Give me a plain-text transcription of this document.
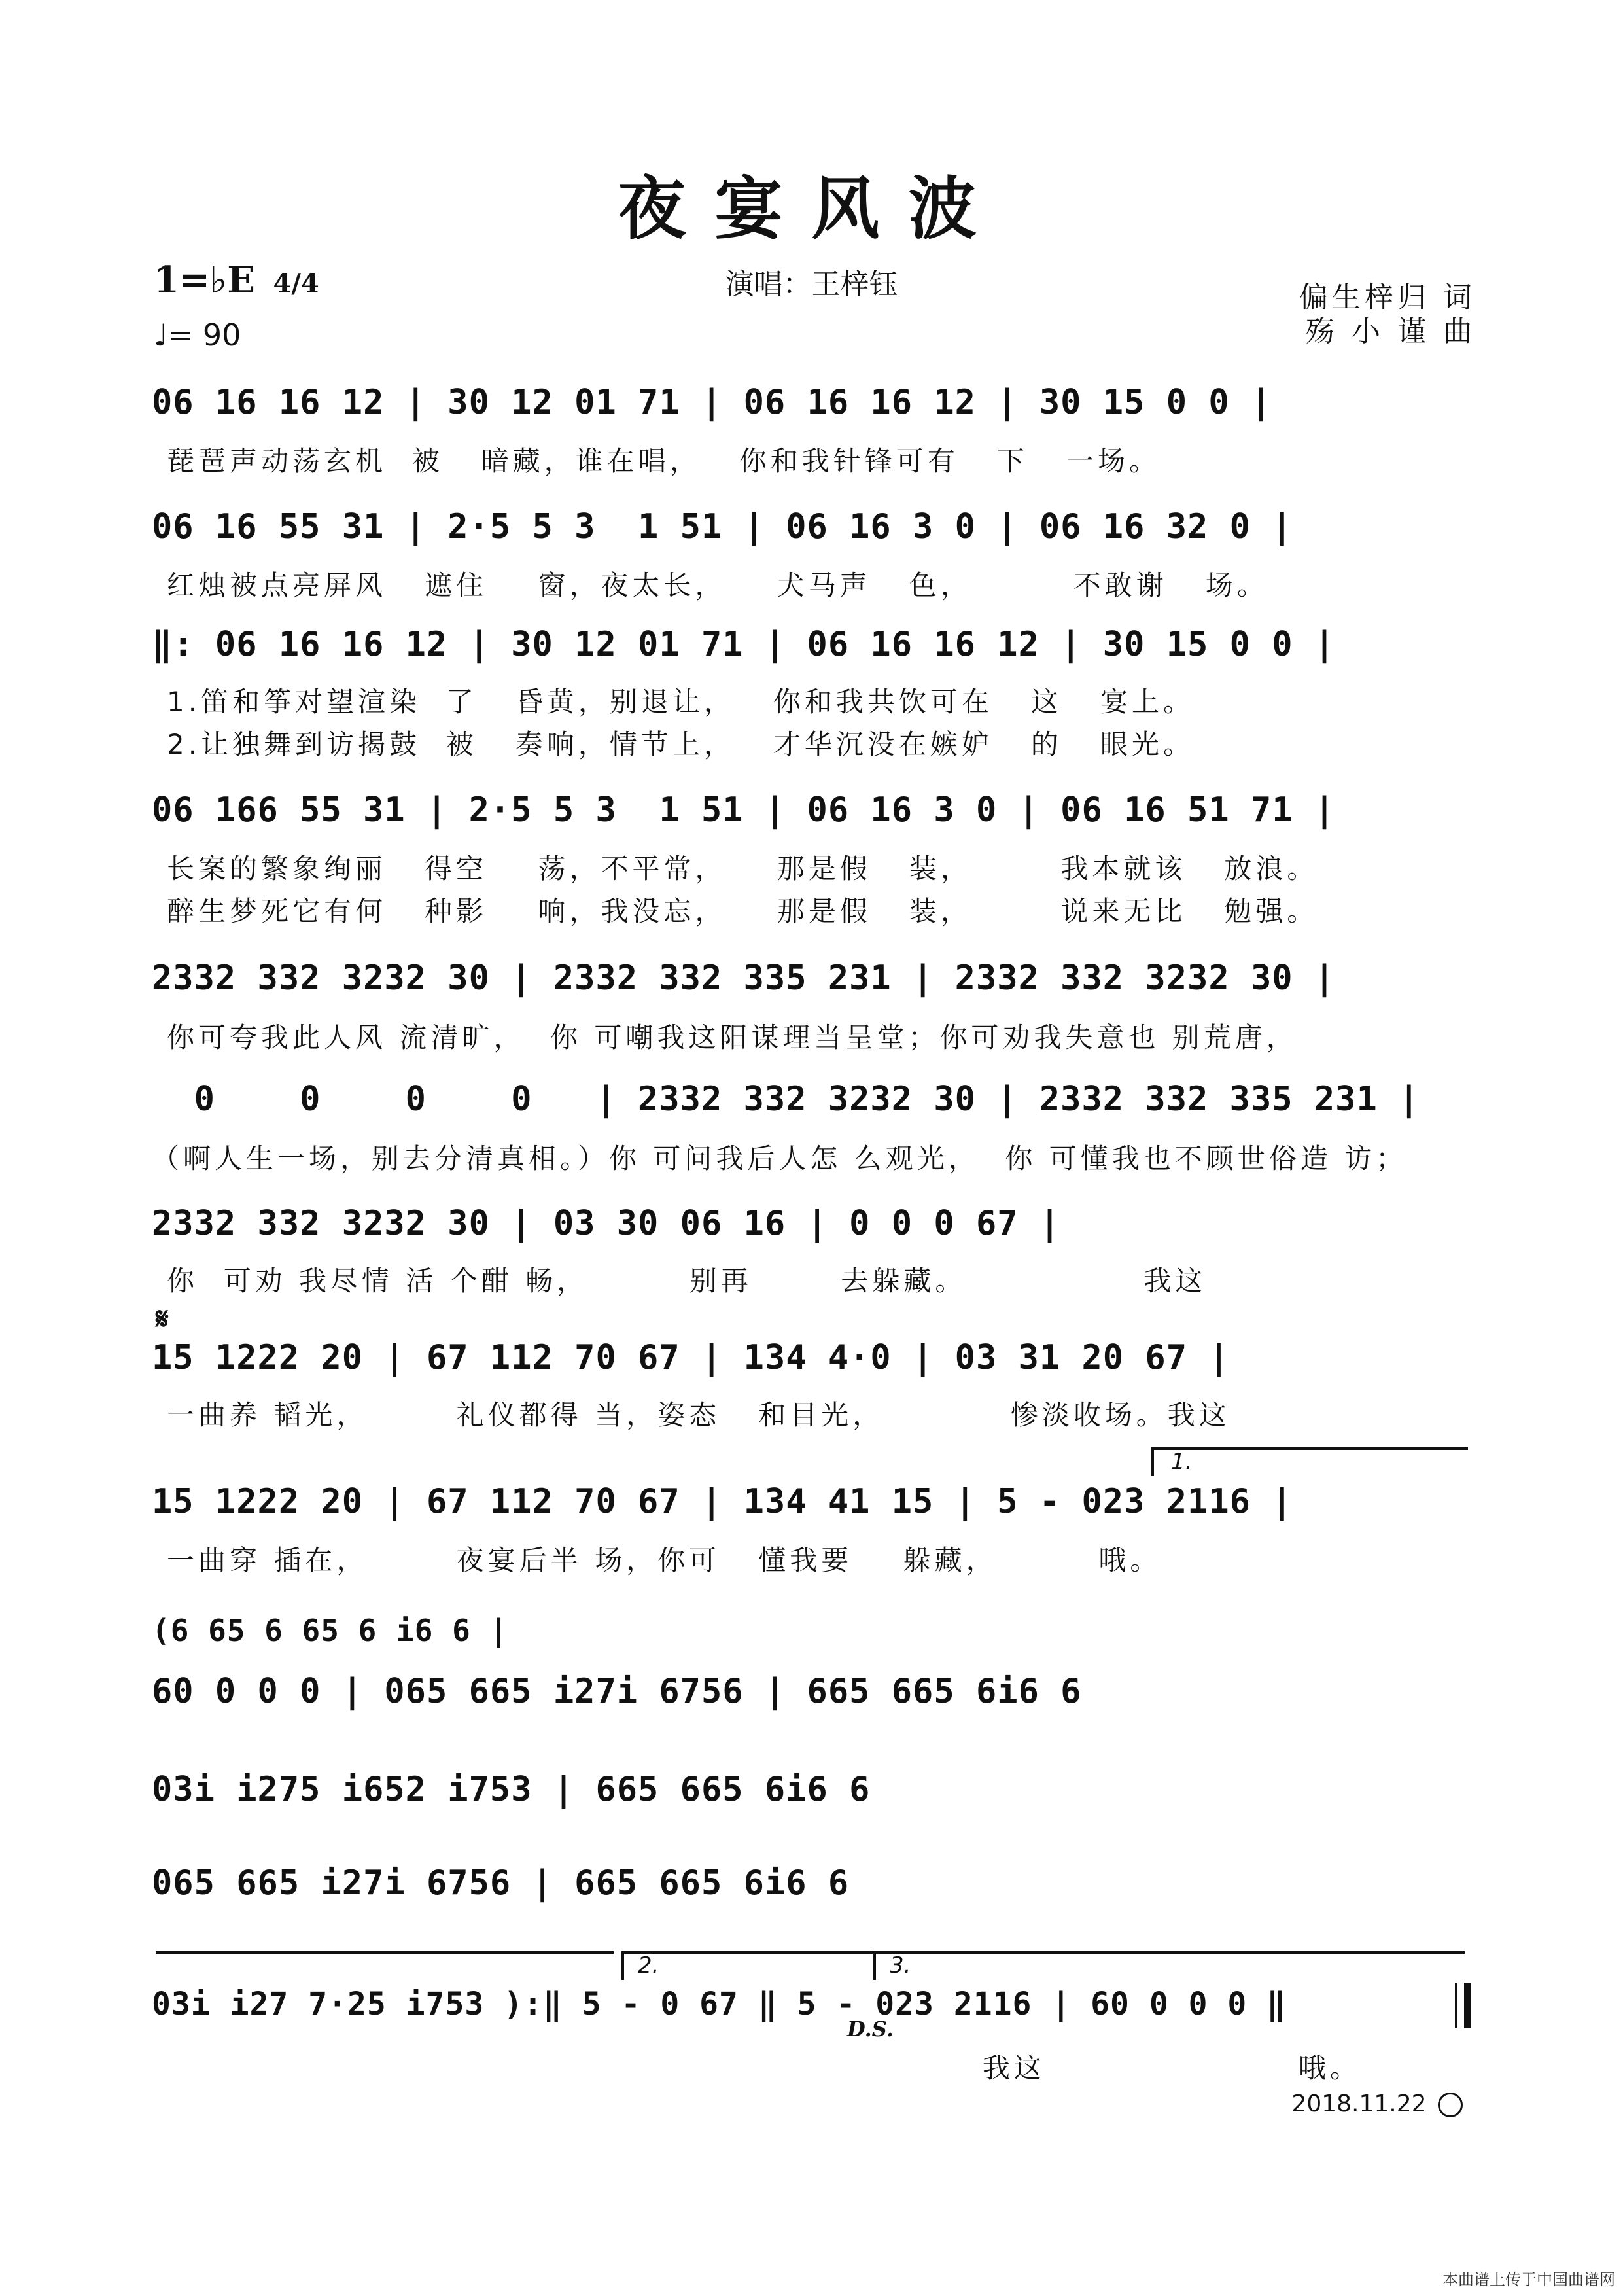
夜宴风波
1=♭E 4/4
♩= 90
演唱：王梓钰	偏生梓归 词
殇 小 谨 曲
06 16 16 12 | 30 12 01 71 | 06 16 16 12 | 30 15 0 0 |
琵琶声动荡玄机  被   暗藏，谁在唱，   你和我针锋可有   下   一场。
06 16 55 31 | 2·5 5 3  1 51 | 06 16 3 0 | 06 16 32 0 |
红烛被点亮屏风   遮住    窗，夜太长，    犬马声   色，        不敢谢   场。
‖: 06 16 16 12 | 30 12 01 71 | 06 16 16 12 | 30 15 0 0 |
1.笛和筝对望渲染  了   昏黄，别退让，   你和我共饮可在   这   宴上。
2.让独舞到访揭鼓  被   奏响，情节上，   才华沉没在嫉妒   的   眼光。
06 166 55 31 | 2·5 5 3  1 51 | 06 16 3 0 | 06 16 51 71 |
长案的繁象绚丽   得空    荡，不平常，    那是假   装，       我本就该   放浪。
醉生梦死它有何   种影    响，我没忘，    那是假   装，       说来无比   勉强。
2332 332 3232 30 | 2332 332 335 231 | 2332 332 3232 30 |
你可夸我此人风 流清旷，  你 可嘲我这阳谋理当呈堂；你可劝我失意也 别荒唐，
0    0    0    0   | 2332 332 3232 30 | 2332 332 335 231 |
（啊人生一场，别去分清真相。）你 可问我后人怎 么观光，  你 可懂我也不顾世俗造 访；
2332 332 3232 30 | 03 30 06 16 | 0 0 0 67 |
你  可劝 我尽情 活 个酣 畅，        别再       去躲藏。              我这
𝄋
15 1222 20 | 67 112 70 67 | 134 4·0 | 03 31 20 67 |
一曲养 韬光，       礼仪都得 当，姿态   和目光，          惨淡收场。我这
1.
15 1222 20 | 67 112 70 67 | 134 41 15 | 5 - 023 2116 |
一曲穿 插在，       夜宴后半 场，你可   懂我要    躲藏，        哦。
(6 65 6 65 6 i6 6 |
60 0 0 0 | 065 665 i27i 6756 | 665 665 6i6 6
03i i275 i652 i753 | 665 665 6i6 6
065 665 i27i 6756 | 665 665 6i6 6
2.	3.
03i i27 7·25 i753 ):‖ 5 - 0 67 ‖ 5 - 023 2116 | 60 0 0 0 ‖
D.S.
我这                    哦。
2018.11.22
本曲谱上传于中国曲谱网
